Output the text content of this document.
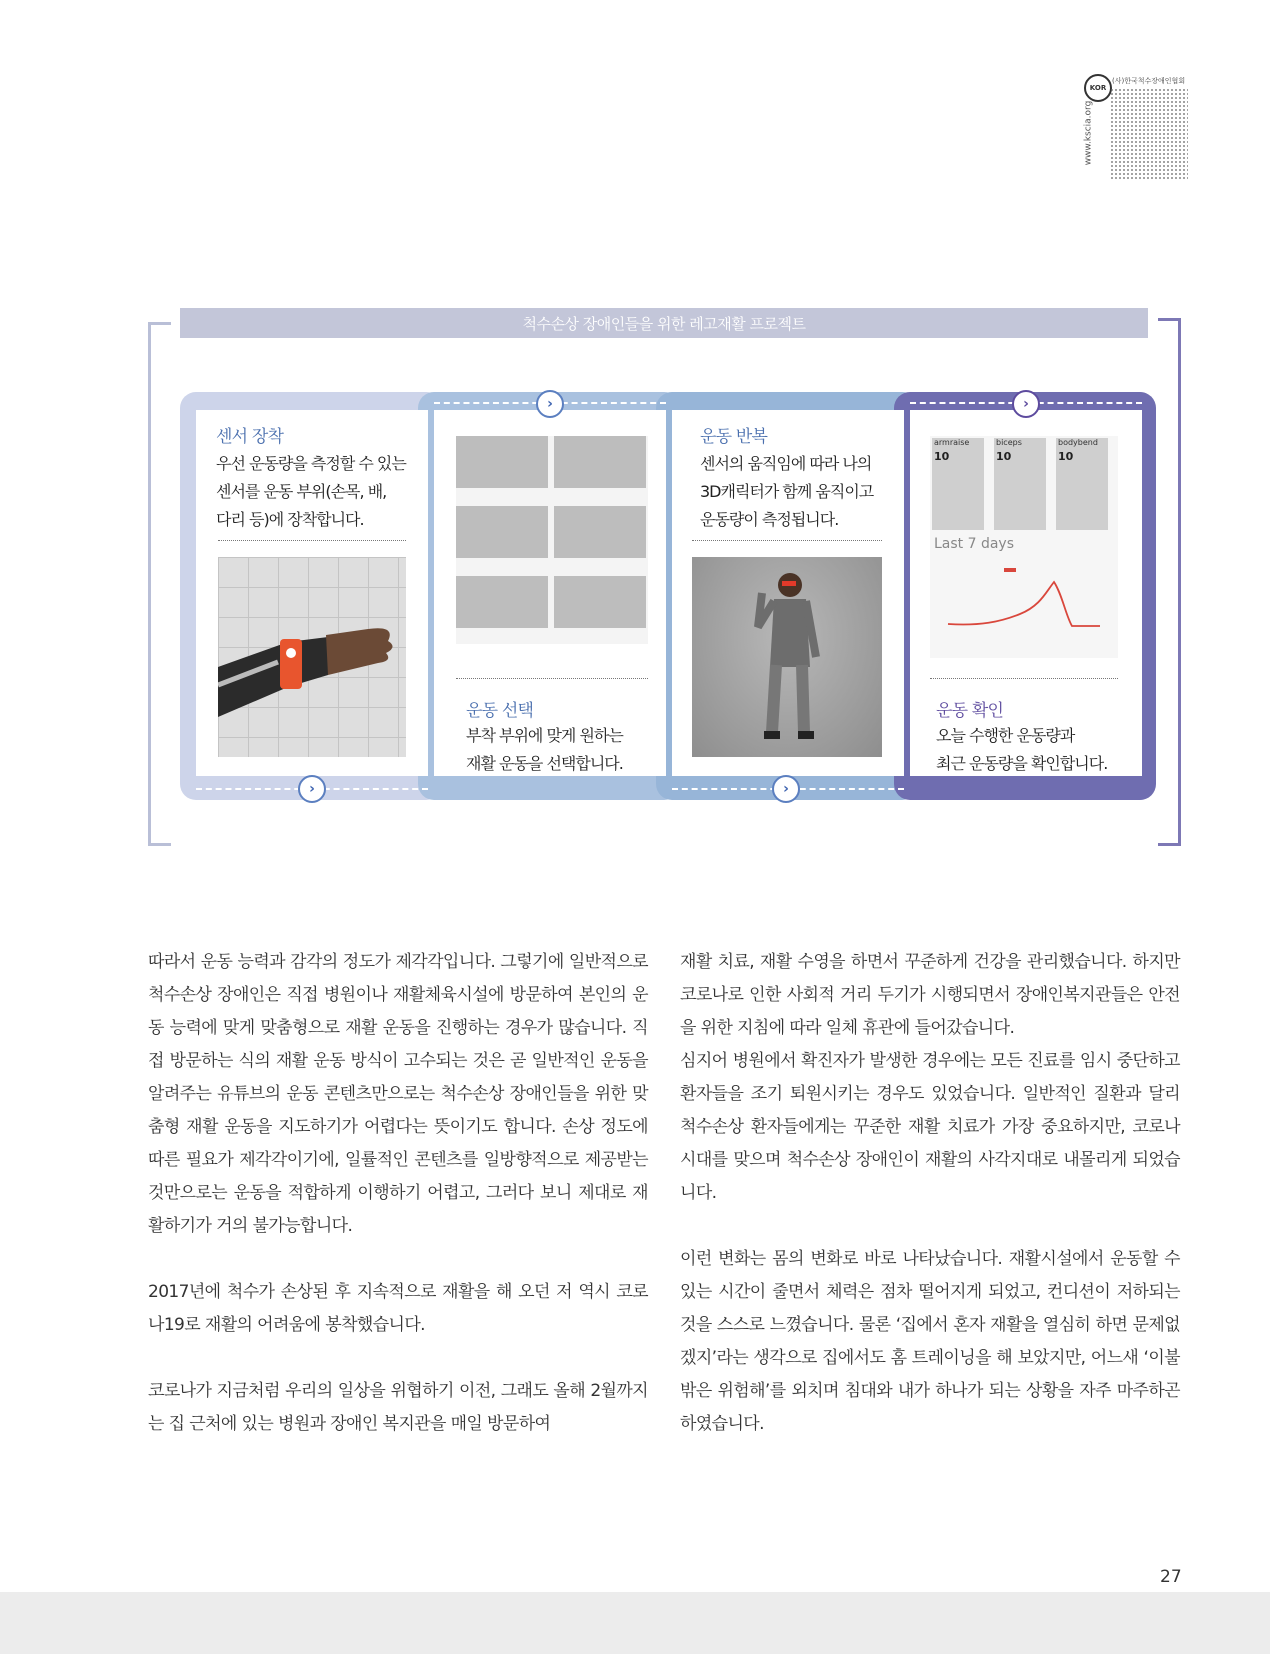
KOR
(사)한국척수장애인협회
www.kscia.org
척수손상 장애인들을 위한 레고재활 프로젝트
›
›
›
›
센서 장착
우선 운동량을 측정할 수 있는
센서를 운동 부위(손목, 배,
다리 등)에 장착합니다.
운동 선택
부착 부위에 맞게 원하는
재활 운동을 선택합니다.
운동 반복
센서의 움직임에 따라 나의
3D캐릭터가 함께 움직이고
운동량이 측정됩니다.
armraise	biceps	bodybend
10	10	10
Last 7 days
운동 확인
오늘 수행한 운동량과
최근 운동량을 확인합니다.

따라서 운동 능력과 감각의 정도가 제각각입니다. 그렇기에 일반적으로 척수손상 장애인은 직접 병원이나 재활체육시설에 방문하여 본인의 운동 능력에 맞게 맞춤형으로 재활 운동을 진행하는 경우가 많습니다. 직접 방문하는 식의 재활 운동 방식이 고수되는 것은 곧 일반적인 운동을 알려주는 유튜브의 운동 콘텐츠만으로는 척수손상 장애인들을 위한 맞춤형 재활 운동을 지도하기가 어렵다는 뜻이기도 합니다. 손상 정도에 따른 필요가 제각각이기에, 일률적인 콘텐츠를 일방향적으로 제공받는 것만으로는 운동을 적합하게 이행하기 어렵고, 그러다 보니 제대로 재활하기가 거의 불가능합니다.

2017년에 척수가 손상된 후 지속적으로 재활을 해 오던 저 역시 코로나19로 재활의 어려움에 봉착했습니다.

코로나가 지금처럼 우리의 일상을 위협하기 이전, 그래도 올해 2월까지는 집 근처에 있는 병원과 장애인 복지관을 매일 방문하여

재활 치료, 재활 수영을 하면서 꾸준하게 건강을 관리했습니다. 하지만 코로나로 인한 사회적 거리 두기가 시행되면서 장애인복지관들은 안전을 위한 지침에 따라 일체 휴관에 들어갔습니다.

심지어 병원에서 확진자가 발생한 경우에는 모든 진료를 임시 중단하고 환자들을 조기 퇴원시키는 경우도 있었습니다. 일반적인 질환과 달리 척수손상 환자들에게는 꾸준한 재활 치료가 가장 중요하지만, 코로나 시대를 맞으며 척수손상 장애인이 재활의 사각지대로 내몰리게 되었습니다.

이런 변화는 몸의 변화로 바로 나타났습니다. 재활시설에서 운동할 수 있는 시간이 줄면서 체력은 점차 떨어지게 되었고, 컨디션이 저하되는 것을 스스로 느꼈습니다. 물론 ‘집에서 혼자 재활을 열심히 하면 문제없겠지’라는 생각으로 집에서도 홈 트레이닝을 해 보았지만, 어느새 ‘이불 밖은 위험해’를 외치며 침대와 내가 하나가 되는 상황을 자주 마주하곤 하였습니다.

27
